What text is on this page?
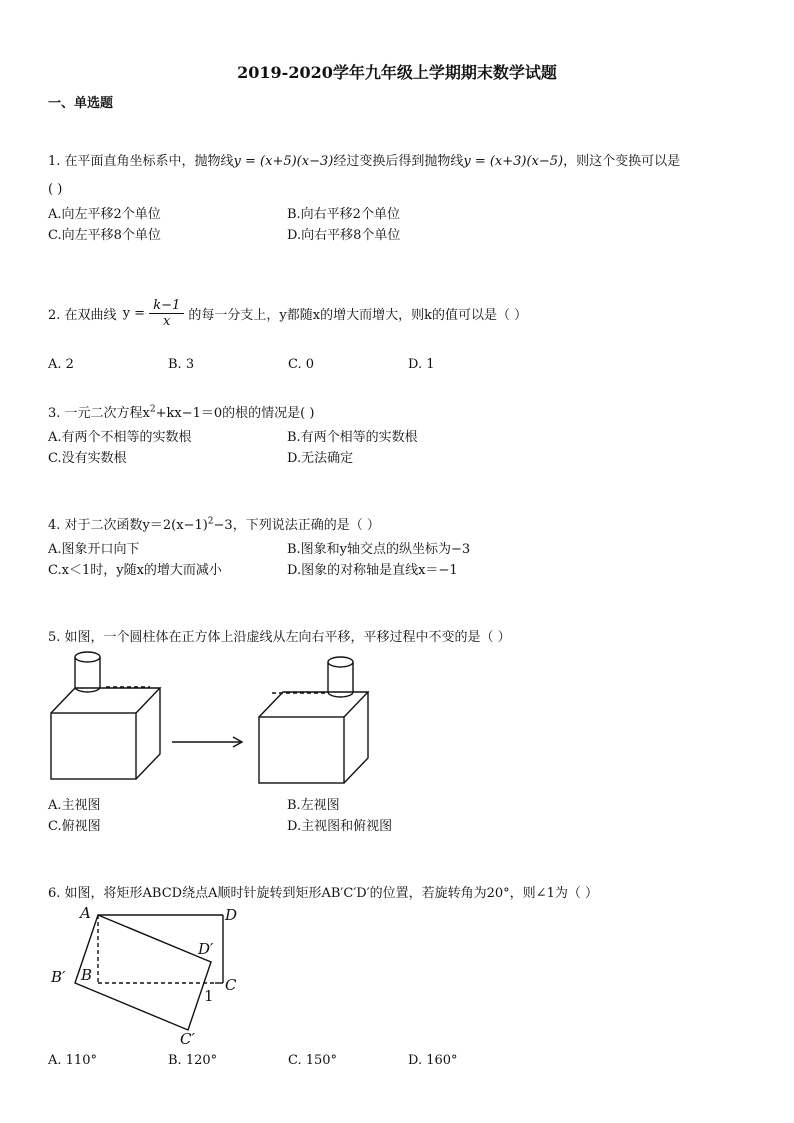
2019-2020学年九年级上学期期末数学试题
一、单选题
1. 在平面直角坐标系中，抛物线y = (x+5)(x−3)经过变换后得到抛物线y = (x+3)(x−5)，则这个变换可以是
( )
A.向左平移2个单位	B.向右平移2个单位
C.向左平移8个单位	D.向右平移8个单位
2. 在双曲线 $y = \frac{k-1}{x}$ 的每一分支上，y都随x的增大而增大，则k的值可以是（ ）
A. 2	B. 3	C. 0	D. 1
3. 一元二次方程$x^2+kx-1=0$的根的情况是( )
A.有两个不相等的实数根	B.有两个相等的实数根
C.没有实数根	D.无法确定
4. 对于二次函数$y=2(x-1)^2-3$，下列说法正确的是（ ）
A.图象开口向下	B.图象和y轴交点的纵坐标为−3
C.x＜1时，y随x的增大而减小	D.图象的对称轴是直线x＝−1
5. 如图，一个圆柱体在正方体上沿虚线从左向右平移，平移过程中不变的是（ ）
A.主视图	B.左视图
C.俯视图	D.主视图和俯视图
6. 如图，将矩形ABCD绕点A顺时针旋转到矩形AB′C′D′的位置，若旋转角为20°，则∠1为（ ）
A	D
D′
B′ B
C
1
C′
A. 110°	B. 120°	C. 150°	D. 160°
